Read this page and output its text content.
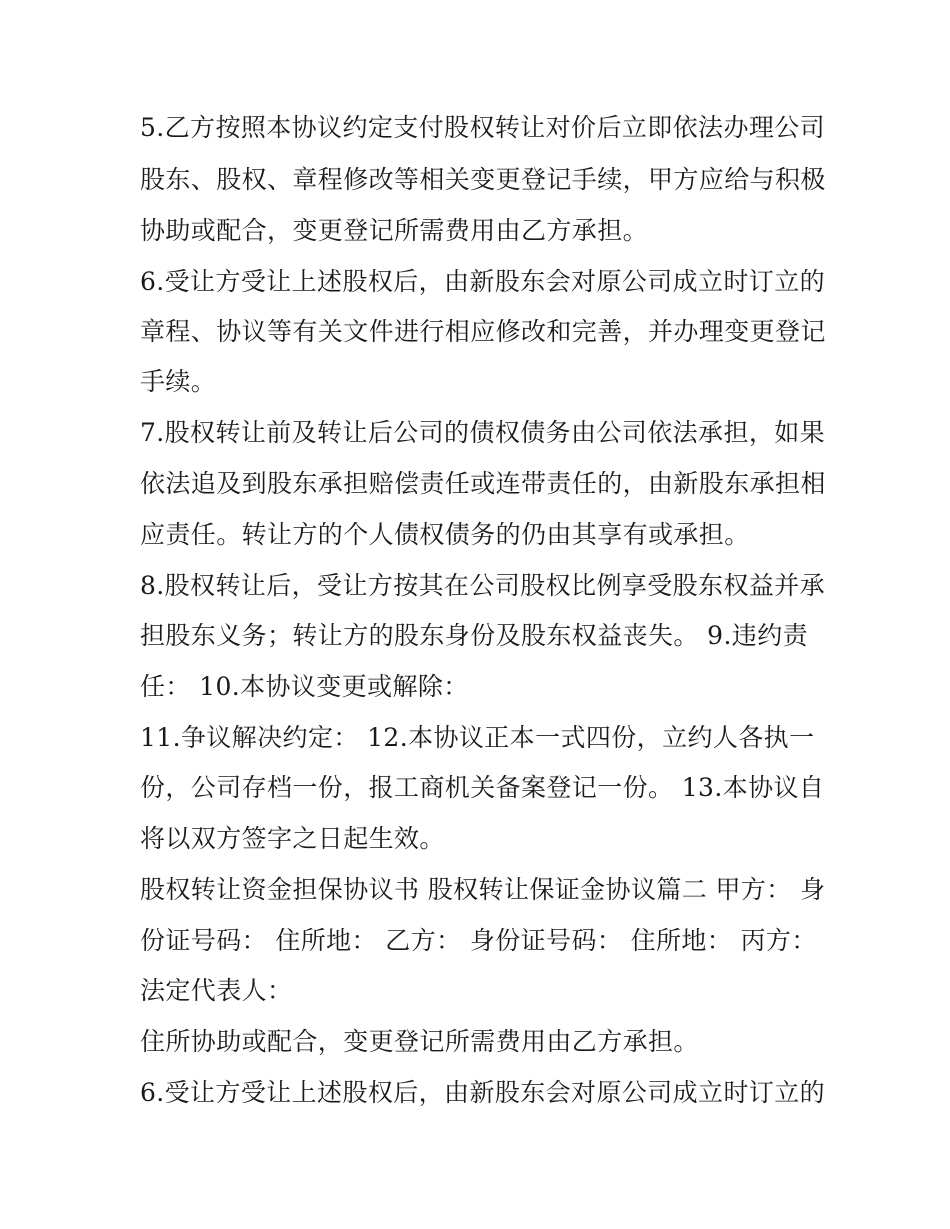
5.乙方按照本协议约定支付股权转让对价后立即依法办理公司
股东、股权、章程修改等相关变更登记手续，甲方应给与积极
协助或配合，变更登记所需费用由乙方承担。
6.受让方受让上述股权后，由新股东会对原公司成立时订立的
章程、协议等有关文件进行相应修改和完善，并办理变更登记
手续。
7.股权转让前及转让后公司的债权债务由公司依法承担，如果
依法追及到股东承担赔偿责任或连带责任的，由新股东承担相
应责任。转让方的个人债权债务的仍由其享有或承担。
8.股权转让后，受让方按其在公司股权比例享受股东权益并承
担股东义务；转让方的股东身份及股东权益丧失。 9.违约责
任： 10.本协议变更或解除：
11.争议解决约定： 12.本协议正本一式四份，立约人各执一
份，公司存档一份，报工商机关备案登记一份。 13.本协议自
将以双方签字之日起生效。
股权转让资金担保协议书 股权转让保证金协议篇二 甲方： 身
份证号码： 住所地： 乙方： 身份证号码： 住所地： 丙方：
法定代表人：
住所协助或配合，变更登记所需费用由乙方承担。
6.受让方受让上述股权后，由新股东会对原公司成立时订立的
